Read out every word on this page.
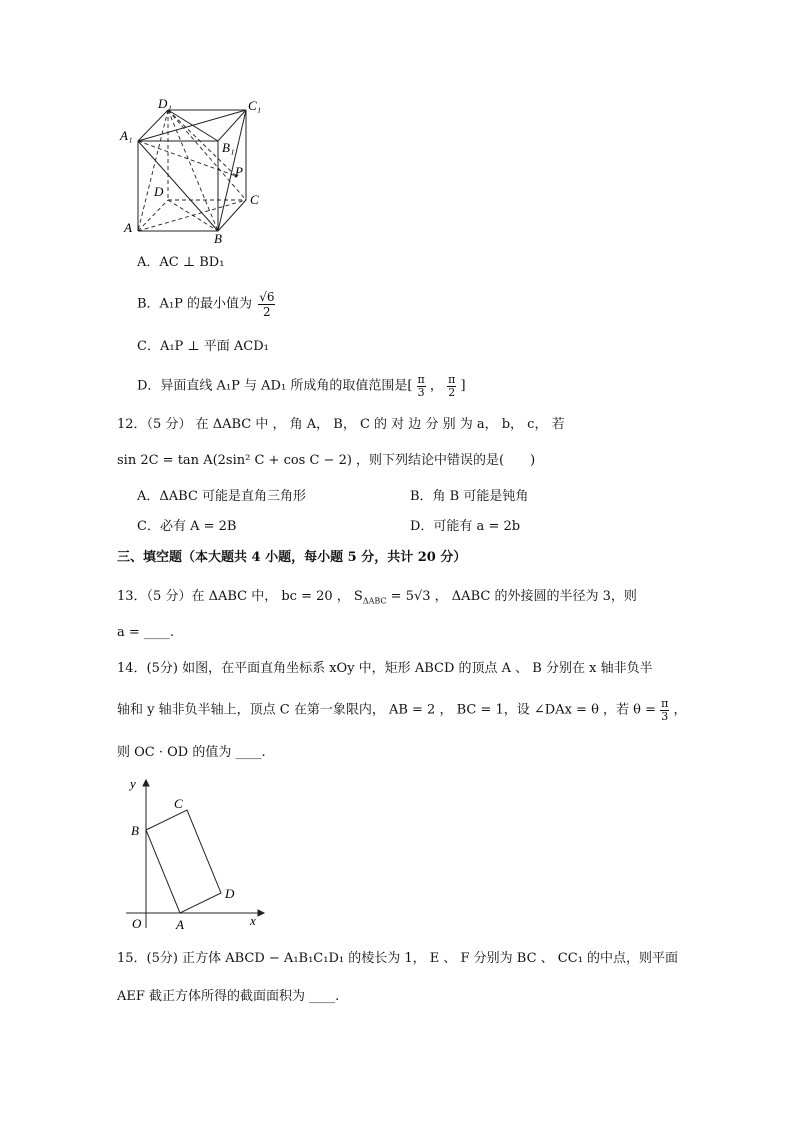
D₁	C₁
A₁
B₁
P
D
C
A
B
A．AC ⊥ BD₁
B．A₁P 的最小值为 $\frac{√6}{2}$
C．A₁P ⊥ 平面 ACD₁
D．异面直线 A₁P 与 AD₁ 所成角的取值范围是[ $\frac{\pi}{3}$ ， $\frac{\pi}{2}$ ]
12．（5 分） 在 ΔABC 中 ， 角 A， B， C 的 对 边 分 别 为 a， b， c， 若
sin 2C = tan A(2sin² C + cos C − 2) ，则下列结论中错误的是(　　)
A．ΔABC 可能是直角三角形	B．角 B 可能是钝角
C．必有 A = 2B	D．可能有 a = 2b
三、填空题（本大题共 4 小题，每小题 5 分，共计 20 分）
13．（5 分）在 ΔABC 中， bc = 20 ， $S_{\Delta ABC} = 5√3$ ， ΔABC 的外接圆的半径为 3，则
a = ____.
14．(5分) 如图，在平面直角坐标系 xOy 中，矩形 ABCD 的顶点 A 、 B 分别在 x 轴非负半
轴和 y 轴非负半轴上，顶点 C 在第一象限内， AB = 2 ， BC = 1，设 ∠DAx = θ ，若 $\theta = \frac{\pi}{3}$ ，
则 OC · OD 的值为 ____.
y
x
O	A
B
C
D
15．(5分) 正方体 ABCD − A₁B₁C₁D₁ 的棱长为 1， E 、 F 分别为 BC 、 CC₁ 的中点，则平面
AEF 截正方体所得的截面面积为 ____.
